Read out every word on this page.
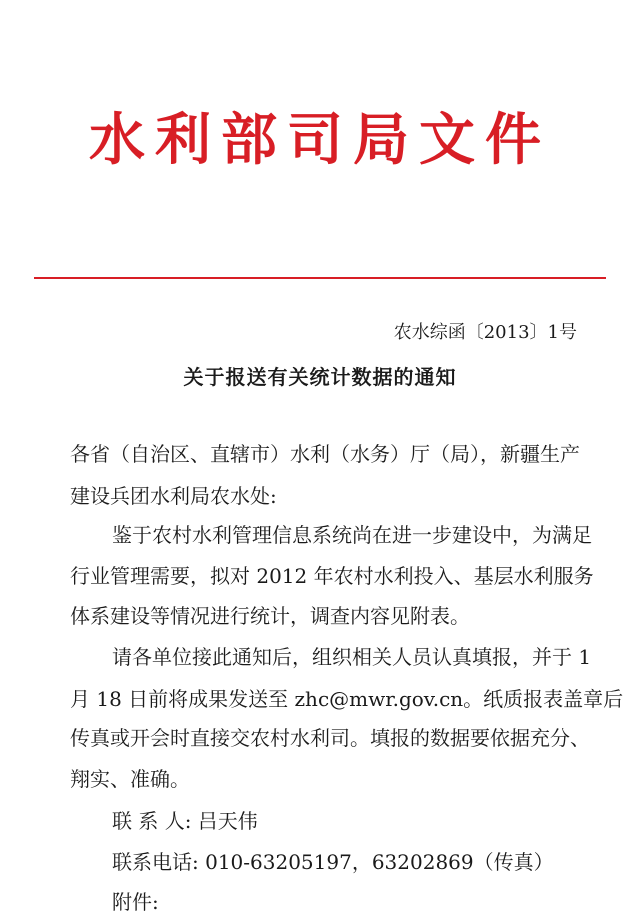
水利部司局文件
农水综函〔2013〕1号
关于报送有关统计数据的通知
各省（自治区、直辖市）水利（水务）厅（局），新疆生产
建设兵团水利局农水处:
鉴于农村水利管理信息系统尚在进一步建设中，为满足
行业管理需要，拟对 2012 年农村水利投入、基层水利服务
体系建设等情况进行统计，调查内容见附表。
请各单位接此通知后，组织相关人员认真填报，并于 1
月 18 日前将成果发送至 zhc@mwr.gov.cn。纸质报表盖章后
传真或开会时直接交农村水利司。填报的数据要依据充分、
翔实、准确。
联 系 人: 吕天伟
联系电话: 010-63205197，63202869（传真）
附件:
